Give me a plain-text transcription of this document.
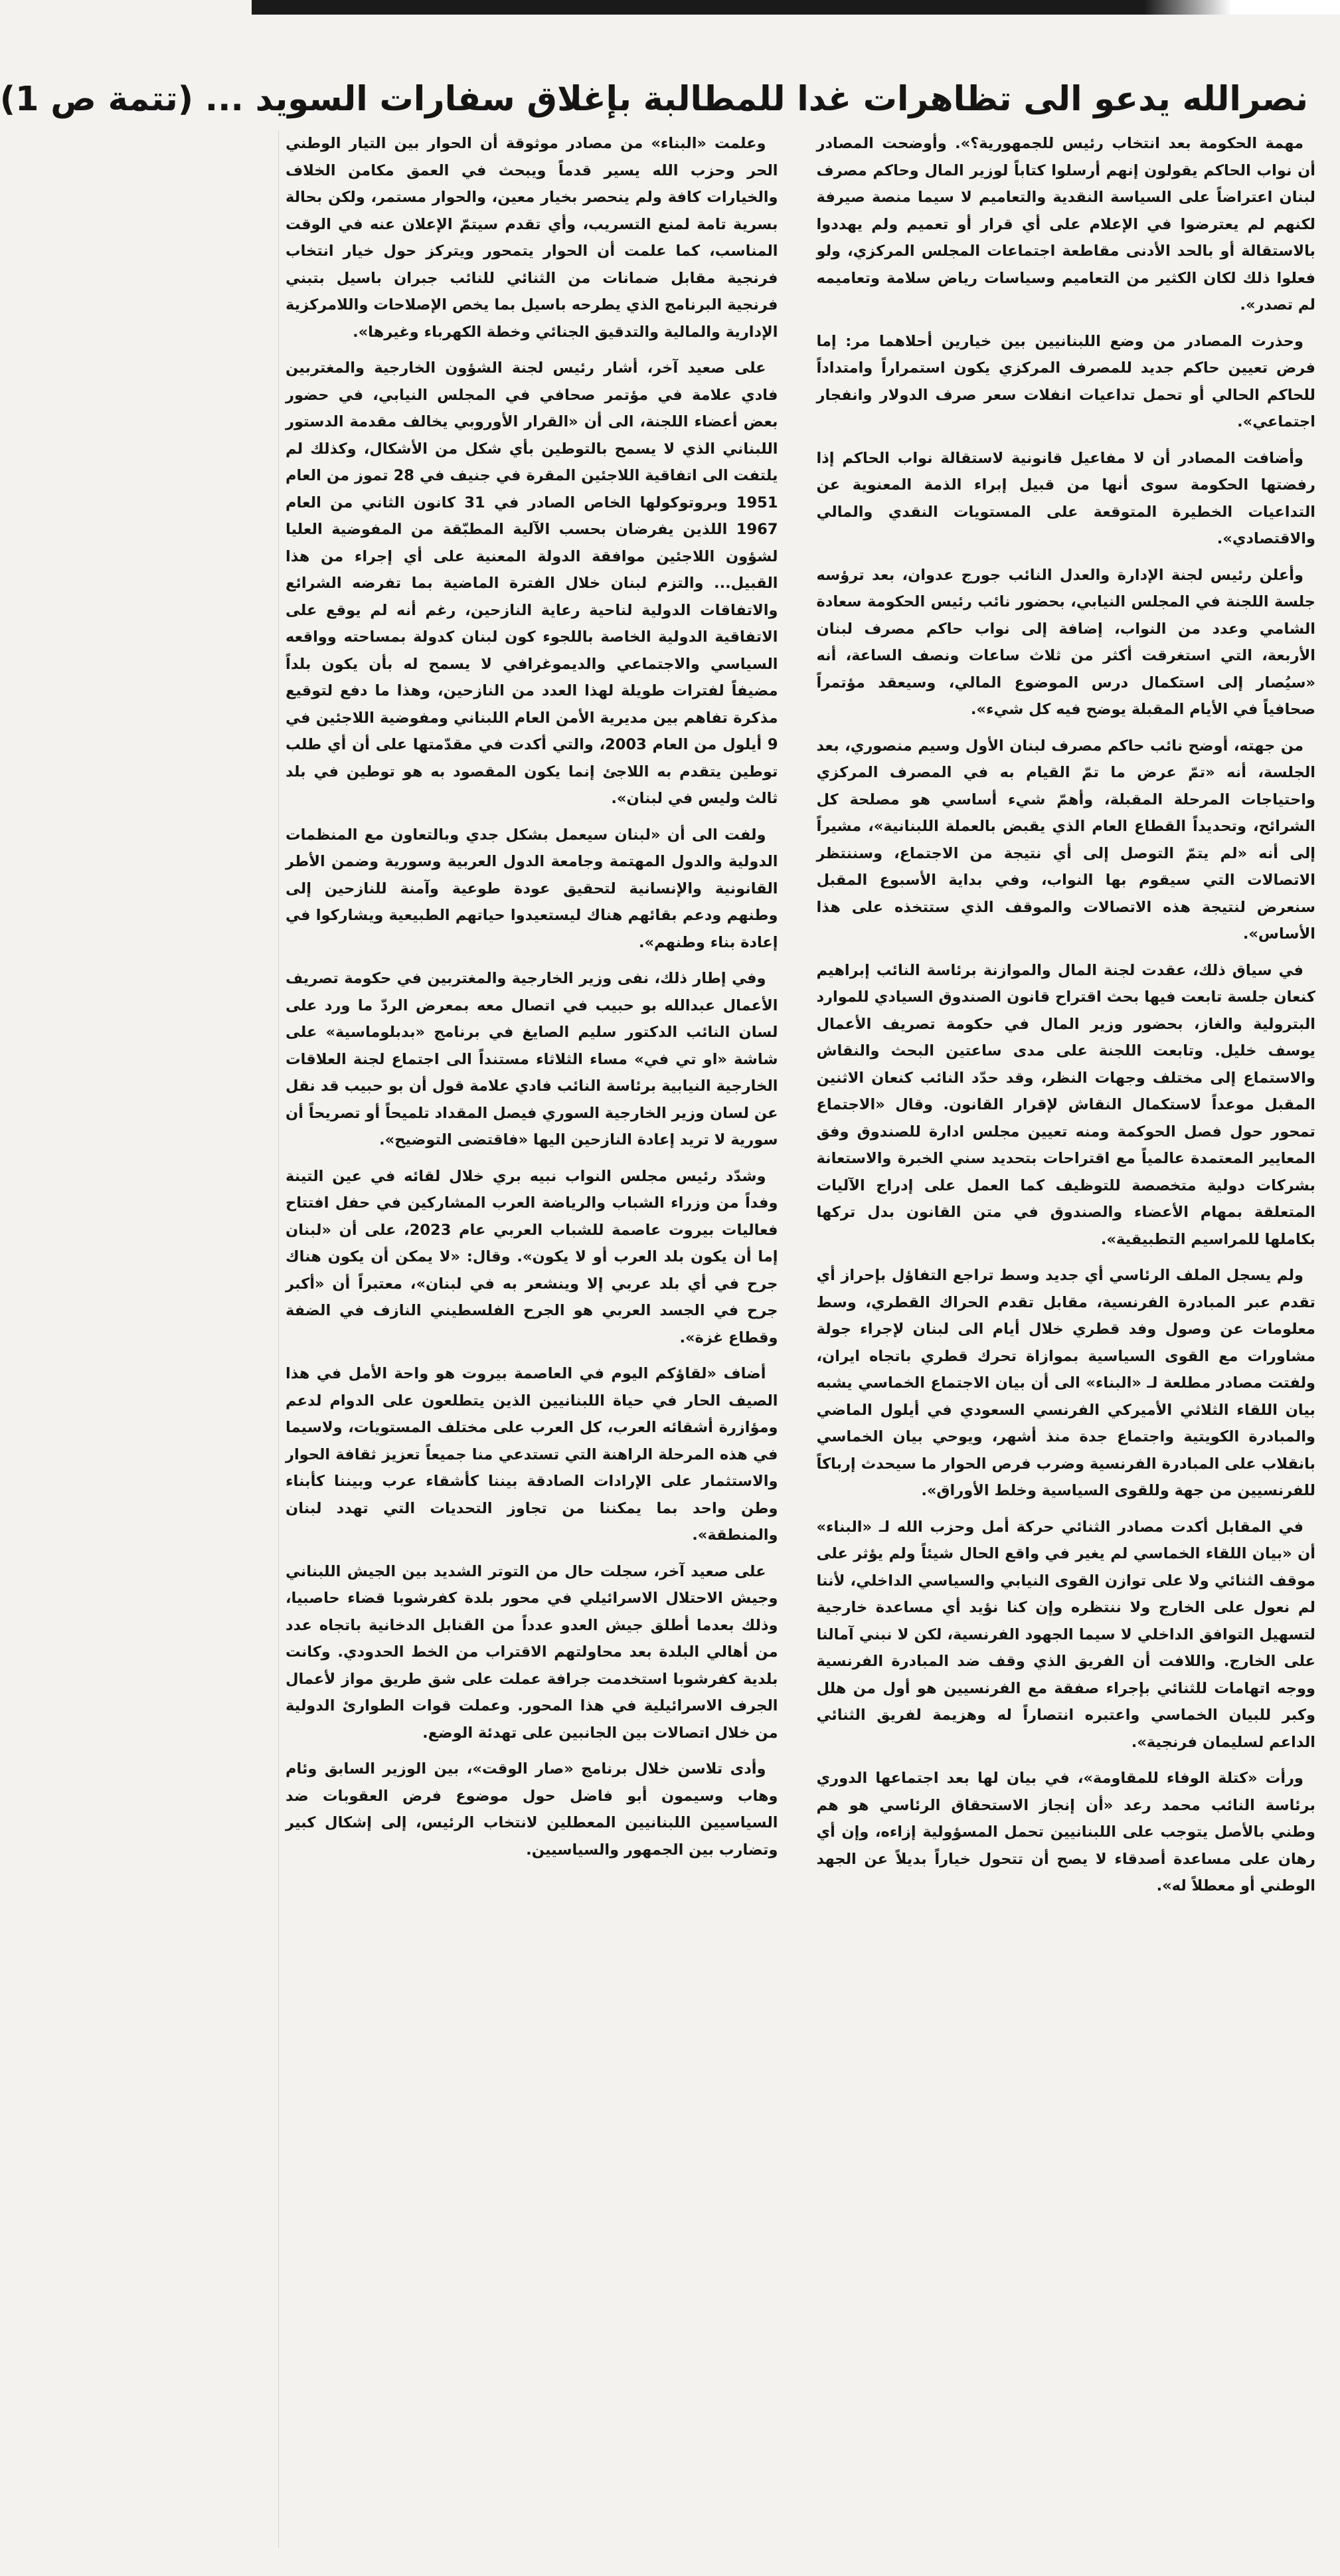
نصرالله يدعو الى تظاهرات غدا للمطالبة بإغلاق سفارات السويد ... (تتمة ص 1)

مهمة الحكومة بعد انتخاب رئيس للجمهورية؟». وأوضحت المصادر أن نواب الحاكم يقولون إنهم أرسلوا كتاباً لوزير المال وحاكم مصرف لبنان اعتراضاً على السياسة النقدية والتعاميم لا سيما منصة صيرفة لكنهم لم يعترضوا في الإعلام على أي قرار أو تعميم ولم يهددوا بالاستقالة أو بالحد الأدنى مقاطعة اجتماعات المجلس المركزي، ولو فعلوا ذلك لكان الكثير من التعاميم وسياسات رياض سلامة وتعاميمه لم تصدر».

وحذرت المصادر من وضع اللبنانيين بين خيارين أحلاهما مر: إما فرض تعيين حاكم جديد للمصرف المركزي يكون استمراراً وامتداداً للحاكم الحالي أو تحمل تداعيات انفلات سعر صرف الدولار وانفجار اجتماعي».

وأضافت المصادر أن لا مفاعيل قانونية لاستقالة نواب الحاكم إذا رفضتها الحكومة سوى أنها من قبيل إبراء الذمة المعنوية عن التداعيات الخطيرة المتوقعة على المستويات النقدي والمالي والاقتصادي».

وأعلن رئيس لجنة الإدارة والعدل النائب جورج عدوان، بعد ترؤسه جلسة اللجنة في المجلس النيابي، بحضور نائب رئيس الحكومة سعادة الشامي وعدد من النواب، إضافة إلى نواب حاكم مصرف لبنان الأربعة، التي استغرقت أكثر من ثلاث ساعات ونصف الساعة، أنه «سيُصار إلى استكمال درس الموضوع المالي، وسيعقد مؤتمراً صحافياً في الأيام المقبلة يوضح فيه كل شيء».

من جهته، أوضح نائب حاكم مصرف لبنان الأول وسيم منصوري، بعد الجلسة، أنه «تمّ عرض ما تمّ القيام به في المصرف المركزي واحتياجات المرحلة المقبلة، وأهمّ شيء أساسي هو مصلحة كل الشرائح، وتحديداً القطاع العام الذي يقبض بالعملة اللبنانية»، مشيراً إلى أنه «لم يتمّ التوصل إلى أي نتيجة من الاجتماع، وسننتظر الاتصالات التي سيقوم بها النواب، وفي بداية الأسبوع المقبل سنعرض لنتيجة هذه الاتصالات والموقف الذي ستتخذه على هذا الأساس».

في سياق ذلك، عقدت لجنة المال والموازنة برئاسة النائب إبراهيم كنعان جلسة تابعت فيها بحث اقتراح قانون الصندوق السيادي للموارد البترولية والغاز، بحضور وزير المال في حكومة تصريف الأعمال يوسف خليل. وتابعت اللجنة على مدى ساعتين البحث والنقاش والاستماع إلى مختلف وجهات النظر، وقد حدّد النائب كنعان الاثنين المقبل موعداً لاستكمال النقاش لإقرار القانون. وقال «الاجتماع تمحور حول فصل الحوكمة ومنه تعيين مجلس ادارة للصندوق وفق المعايير المعتمدة عالمياً مع اقتراحات بتحديد سني الخبرة والاستعانة بشركات دولية متخصصة للتوظيف كما العمل على إدراج الآليات المتعلقة بمهام الأعضاء والصندوق في متن القانون بدل تركها بكاملها للمراسيم التطبيقية».

ولم يسجل الملف الرئاسي أي جديد وسط تراجع التفاؤل بإحراز أي تقدم عبر المبادرة الفرنسية، مقابل تقدم الحراك القطري، وسط معلومات عن وصول وفد قطري خلال أيام الى لبنان لإجراء جولة مشاورات مع القوى السياسية بموازاة تحرك قطري باتجاه ايران، ولفتت مصادر مطلعة لـ «البناء» الى أن بيان الاجتماع الخماسي يشبه بيان اللقاء الثلاثي الأميركي الفرنسي السعودي في أيلول الماضي والمبادرة الكويتية واجتماع جدة منذ أشهر، ويوحي بيان الخماسي بانقلاب على المبادرة الفرنسية وضرب فرص الحوار ما سيحدث إرباكاً للفرنسيين من جهة وللقوى السياسية وخلط الأوراق».

في المقابل أكدت مصادر الثنائي حركة أمل وحزب الله لـ «البناء» أن «بيان اللقاء الخماسي لم يغير في واقع الحال شيئاً ولم يؤثر على موقف الثنائي ولا على توازن القوى النيابي والسياسي الداخلي، لأننا لم نعول على الخارج ولا ننتظره وإن كنا نؤيد أي مساعدة خارجية لتسهيل التوافق الداخلي لا سيما الجهود الفرنسية، لكن لا نبني آمالنا على الخارج. واللافت أن الفريق الذي وقف ضد المبادرة الفرنسية ووجه اتهامات للثنائي بإجراء صفقة مع الفرنسيين هو أول من هلل وكبر للبيان الخماسي واعتبره انتصاراً له وهزيمة لفريق الثنائي الداعم لسليمان فرنجية».

ورأت «كتلة الوفاء للمقاومة»، في بيان لها بعد اجتماعها الدوري برئاسة النائب محمد رعد «أن إنجاز الاستحقاق الرئاسي هو هم وطني بالأصل يتوجب على اللبنانيين تحمل المسؤولية إزاءه، وإن أي رهان على مساعدة أصدقاء لا يصح أن تتحول خياراً بديلاً عن الجهد الوطني أو معطلاً له».

وعلمت «البناء» من مصادر موثوقة أن الحوار بين التيار الوطني الحر وحزب الله يسير قدماً ويبحث في العمق مكامن الخلاف والخيارات كافة ولم ينحصر بخيار معين، والحوار مستمر، ولكن بحالة بسرية تامة لمنع التسريب، وأي تقدم سيتمّ الإعلان عنه في الوقت المناسب، كما علمت أن الحوار يتمحور ويتركز حول خيار انتخاب فرنجية مقابل ضمانات من الثنائي للنائب جبران باسيل بتبني فرنجية البرنامج الذي يطرحه باسيل بما يخص الإصلاحات واللامركزية الإدارية والمالية والتدقيق الجنائي وخطة الكهرباء وغيرها».

على صعيد آخر، أشار رئيس لجنة الشؤون الخارجية والمغتربين فادي علامة في مؤتمر صحافي في المجلس النيابي، في حضور بعض أعضاء اللجنة، الى أن «القرار الأوروبي يخالف مقدمة الدستور اللبناني الذي لا يسمح بالتوطين بأي شكل من الأشكال، وكذلك لم يلتفت الى اتفاقية اللاجئين المقرة في جنيف في 28 تموز من العام 1951 وبروتوكولها الخاص الصادر في 31 كانون الثاني من العام 1967 اللذين يفرضان بحسب الآلية المطبّقة من المفوضية العليا لشؤون اللاجئين موافقة الدولة المعنية على أي إجراء من هذا القبيل... والتزم لبنان خلال الفترة الماضية بما تفرضه الشرائع والاتفاقات الدولية لناحية رعاية النازحين، رغم أنه لم يوقع على الاتفاقية الدولية الخاصة باللجوء كون لبنان كدولة بمساحته وواقعه السياسي والاجتماعي والديموغرافي لا يسمح له بأن يكون بلداً مضيفاً لفترات طويلة لهذا العدد من النازحين، وهذا ما دفع لتوقيع مذكرة تفاهم بين مديرية الأمن العام اللبناني ومفوضية اللاجئين في 9 أيلول من العام 2003، والتي أكدت في مقدّمتها على أن أي طلب توطين يتقدم به اللاجئ إنما يكون المقصود به هو توطين في بلد ثالث وليس في لبنان».

ولفت الى أن «لبنان سيعمل بشكل جدي وبالتعاون مع المنظمات الدولية والدول المهتمة وجامعة الدول العربية وسورية وضمن الأطر القانونية والإنسانية لتحقيق عودة طوعية وآمنة للنازحين إلى وطنهم ودعم بقائهم هناك ليستعيدوا حياتهم الطبيعية ويشاركوا في إعادة بناء وطنهم».

وفي إطار ذلك، نفى وزير الخارجية والمغتربين في حكومة تصريف الأعمال عبدالله بو حبيب في اتصال معه بمعرض الردّ ما ورد على لسان النائب الدكتور سليم الصايغ في برنامج «بدبلوماسية» على شاشة «او تي في» مساء الثلاثاء مستنداً الى اجتماع لجنة العلاقات الخارجية النيابية برئاسة النائب فادي علامة قول أن بو حبيب قد نقل عن لسان وزير الخارجية السوري فيصل المقداد تلميحاً أو تصريحاً أن سورية لا تريد إعادة النازحين اليها «فاقتضى التوضيح».

وشدّد رئيس مجلس النواب نبيه بري خلال لقائه في عين التينة وفداً من وزراء الشباب والرياضة العرب المشاركين في حفل افتتاح فعاليات بيروت عاصمة للشباب العربي عام 2023، على أن «لبنان إما أن يكون بلد العرب أو لا يكون». وقال: «لا يمكن أن يكون هناك جرح في أي بلد عربي إلا وينشعر به في لبنان»، معتبراً أن «أكبر جرح في الجسد العربي هو الجرح الفلسطيني النازف في الضفة وقطاع غزة».

أضاف «لقاؤكم اليوم في العاصمة بيروت هو واحة الأمل في هذا الصيف الحار في حياة اللبنانيين الذين يتطلعون على الدوام لدعم ومؤازرة أشقائه العرب، كل العرب على مختلف المستويات، ولاسيما في هذه المرحلة الراهنة التي تستدعي منا جميعاً تعزيز ثقافة الحوار والاستثمار على الإرادات الصادقة بيننا كأشقاء عرب وبيننا كأبناء وطن واحد بما يمكننا من تجاوز التحديات التي تهدد لبنان والمنطقة».

على صعيد آخر، سجلت حال من التوتر الشديد بين الجيش اللبناني وجيش الاحتلال الاسرائيلي في محور بلدة كفرشوبا قضاء حاصبيا، وذلك بعدما أطلق جيش العدو عدداً من القنابل الدخانية باتجاه عدد من أهالي البلدة بعد محاولتهم الاقتراب من الخط الحدودي. وكانت بلدية كفرشوبا استخدمت جرافة عملت على شق طريق مواز لأعمال الجرف الاسرائيلية في هذا المحور. وعملت قوات الطوارئ الدولية من خلال اتصالات بين الجانبين على تهدئة الوضع.

وأدى تلاسن خلال برنامج «صار الوقت»، بين الوزير السابق وئام وهاب وسيمون أبو فاضل حول موضوع فرض العقوبات ضد السياسيين اللبنانيين المعطلين لانتخاب الرئيس، إلى إشكال كبير وتضارب بين الجمهور والسياسيين.
